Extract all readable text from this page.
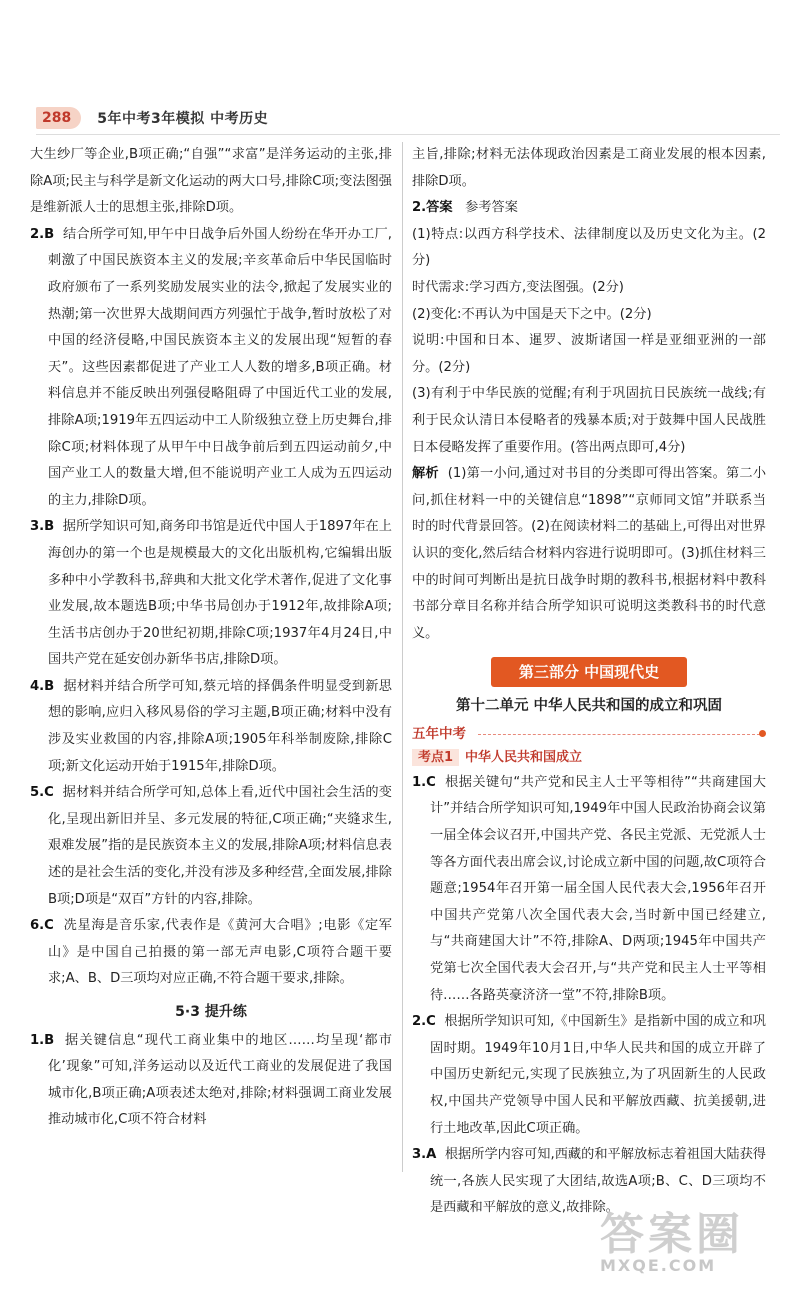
288	5年中考3年模拟 中考历史

大生纱厂等企业,B项正确;“自强”“求富”是洋务运动的主张,排除A项;民主与科学是新文化运动的两大口号,排除C项;变法图强是维新派人士的思想主张,排除D项。

2.B 结合所学可知,甲午中日战争后外国人纷纷在华开办工厂,刺激了中国民族资本主义的发展;辛亥革命后中华民国临时政府颁布了一系列奖励发展实业的法令,掀起了发展实业的热潮;第一次世界大战期间西方列强忙于战争,暂时放松了对中国的经济侵略,中国民族资本主义的发展出现“短暂的春天”。这些因素都促进了产业工人人数的增多,B项正确。材料信息并不能反映出列强侵略阻碍了中国近代工业的发展,排除A项;1919年五四运动中工人阶级独立登上历史舞台,排除C项;材料体现了从甲午中日战争前后到五四运动前夕,中国产业工人的数量大增,但不能说明产业工人成为五四运动的主力,排除D项。

3.B 据所学知识可知,商务印书馆是近代中国人于1897年在上海创办的第一个也是规模最大的文化出版机构,它编辑出版多种中小学教科书,辞典和大批文化学术著作,促进了文化事业发展,故本题选B项;中华书局创办于1912年,故排除A项;生活书店创办于20世纪初期,排除C项;1937年4月24日,中国共产党在延安创办新华书店,排除D项。

4.B 据材料并结合所学可知,蔡元培的择偶条件明显受到新思想的影响,应归入移风易俗的学习主题,B项正确;材料中没有涉及实业救国的内容,排除A项;1905年科举制废除,排除C项;新文化运动开始于1915年,排除D项。

5.C 据材料并结合所学可知,总体上看,近代中国社会生活的变化,呈现出新旧并呈、多元发展的特征,C项正确;“夹缝求生,艰难发展”指的是民族资本主义的发展,排除A项;材料信息表述的是社会生活的变化,并没有涉及多种经营,全面发展,排除B项;D项是“双百”方针的内容,排除。

6.C 冼星海是音乐家,代表作是《黄河大合唱》;电影《定军山》是中国自己拍摄的第一部无声电影,C项符合题干要求;A、B、D三项均对应正确,不符合题干要求,排除。

5·3 提升练

1.B 据关键信息“现代工商业集中的地区……均呈现‘都市化’现象”可知,洋务运动以及近代工商业的发展促进了我国城市化,B项正确;A项表述太绝对,排除;材料强调工商业发展推动城市化,C项不符合材料

主旨,排除;材料无法体现政治因素是工商业发展的根本因素,排除D项。

2.答案 参考答案

(1)特点:以西方科学技术、法律制度以及历史文化为主。(2分)

时代需求:学习西方,变法图强。(2分)

(2)变化:不再认为中国是天下之中。(2分)

说明:中国和日本、暹罗、波斯诸国一样是亚细亚洲的一部分。(2分)

(3)有利于中华民族的觉醒;有利于巩固抗日民族统一战线;有利于民众认清日本侵略者的残暴本质;对于鼓舞中国人民战胜日本侵略发挥了重要作用。(答出两点即可,4分)

解析 (1)第一小问,通过对书目的分类即可得出答案。第二小问,抓住材料一中的关键信息“1898”“京师同文馆”并联系当时的时代背景回答。(2)在阅读材料二的基础上,可得出对世界认识的变化,然后结合材料内容进行说明即可。(3)抓住材料三中的时间可判断出是抗日战争时期的教科书,根据材料中教科书部分章目名称并结合所学知识可说明这类教科书的时代意义。

第三部分 中国现代史
第十二单元 中华人民共和国的成立和巩固
五年中考
考点1 中华人民共和国成立

1.C 根据关键句“共产党和民主人士平等相待”“共商建国大计”并结合所学知识可知,1949年中国人民政治协商会议第一届全体会议召开,中国共产党、各民主党派、无党派人士等各方面代表出席会议,讨论成立新中国的问题,故C项符合题意;1954年召开第一届全国人民代表大会,1956年召开中国共产党第八次全国代表大会,当时新中国已经建立,与“共商建国大计”不符,排除A、D两项;1945年中国共产党第七次全国代表大会召开,与“共产党和民主人士平等相待……各路英豪济济一堂”不符,排除B项。

2.C 根据所学知识可知,《中国新生》是指新中国的成立和巩固时期。1949年10月1日,中华人民共和国的成立开辟了中国历史新纪元,实现了民族独立,为了巩固新生的人民政权,中国共产党领导中国人民和平解放西藏、抗美援朝,进行土地改革,因此C项正确。

3.A 根据所学内容可知,西藏的和平解放标志着祖国大陆获得统一,各族人民实现了大团结,故选A项;B、C、D三项均不是西藏和平解放的意义,故排除。

答案圈
MXQE.COM
